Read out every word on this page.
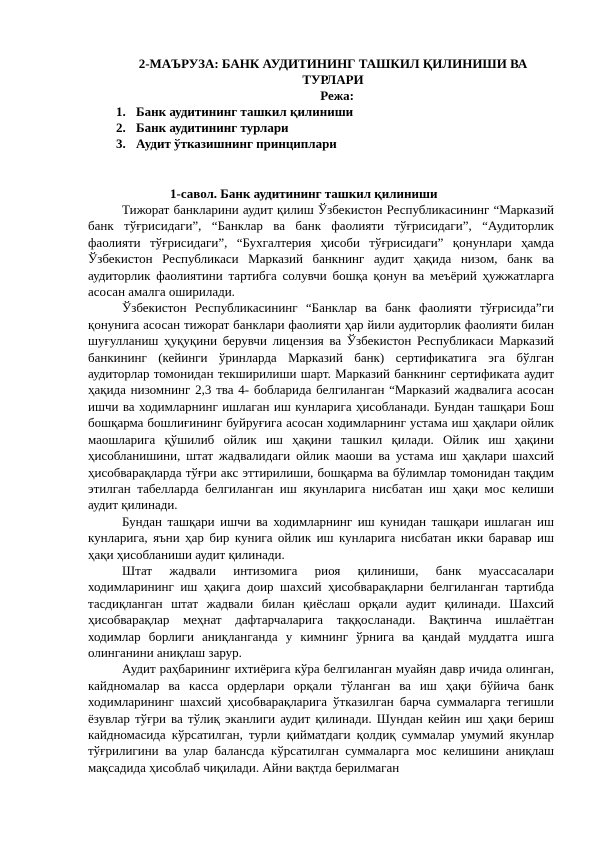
2-МАЪРУЗА: БАНК АУДИТИНИНГ ТАШКИЛ ҚИЛИНИШИ ВА ТУРЛАРИ

Режа:

1. Банк аудитининг ташкил қилиниши
2. Банк аудитининг турлари
3. Аудит ўтказишнинг принциплари
1-савол. Банк аудитининг ташкил қилиниши

Тижорат банкларини аудит қилиш Ўзбекистон Республикасининг “Марказий банк тўғрисидаги”, “Банклар ва банк фаолияти тўғрисидаги”, “Аудиторлик фаолияти тўғрисидаги”, “Бухгалтерия ҳисоби тўғрисидаги” қонунлари ҳамда Ўзбекистон Республикаси Марказий банкнинг аудит ҳақида низом, банк ва аудиторлик фаолиятини тартибга солувчи бошқа қонун ва меъёрий ҳужжатларга асосан амалга оширилади.

Ўзбекистон Республикасининг “Банклар ва банк фаолияти тўғрисида”ги қонунига асосан тижорат банклари фаолияти ҳар йили аудиторлик фаолияти билан шуғулланиш ҳуқуқини берувчи лицензия ва Ўзбекистон Республикаси Марказий банкининг (кейинги ўринларда Марказий банк) сертификатига эга бўлган аудиторлар томонидан текширилиши шарт. Марказий банкнинг сертификата аудит ҳақида низомнинг 2,3 тва 4- бобларида белгиланган “Марказий жадвалига асосан ишчи ва ходимларнинг ишлаган иш кунларига ҳисобланади. Бундан ташқари Бош бошқарма бошлиғининг буйруғига асосан ходимларнинг устама иш ҳақлари ойлик маошларига қўшилиб ойлик иш ҳақини ташкил қилади. Ойлик иш ҳақини ҳисобланишини, штат жадвалидаги ойлик маоши ва устама иш ҳақлари шахсий ҳисобварақларда тўғри акс эттирилиши, бошқарма ва бўлимлар томонидан тақдим этилган табелларда белгиланган иш якунларига нисбатан иш ҳақи мос келиши аудит қилинади.

Бундан ташқари ишчи ва ходимларнинг иш кунидан ташқари ишлаган иш кунларига, яъни ҳар бир кунига ойлик иш кунларига нисбатан икки баравар иш ҳақи ҳисобланиши аудит қилинади.

Штат жадвали интизомига риоя қилиниши, банк муассасалари ходимларининг иш ҳақига доир шахсий ҳисобварақларни белгиланган тартибда тасдиқланган штат жадвали билан қиёслаш орқали аудит қилинади. Шахсий ҳисобварақлар меҳнат дафтарчаларига таққосланади. Вақтинча ишлаётган ходимлар борлиги аниқланганда у кимнинг ўрнига ва қандай муддатга ишга олинганини аниқлаш зарур.

Аудит раҳбарининг ихтиёрига кўра белгиланган муайян давр ичида олинган, кайдномалар ва касса ордерлари орқали тўланган ва иш ҳақи бўйича банк ходимларининг шахсий ҳисобварақларига ўтказилган барча суммаларга тегишли ёзувлар тўғри ва тўлиқ эканлиги аудит қилинади. Шундан кейин иш ҳақи бериш кайдномасида кўрсатилган, турли қийматдаги қолдиқ суммалар умумий якунлар тўғрилигини ва улар балансда кўрсатилган суммаларга мос келишини аниқлаш мақсадида ҳисоблаб чиқилади. Айни вақтда берилмаган
